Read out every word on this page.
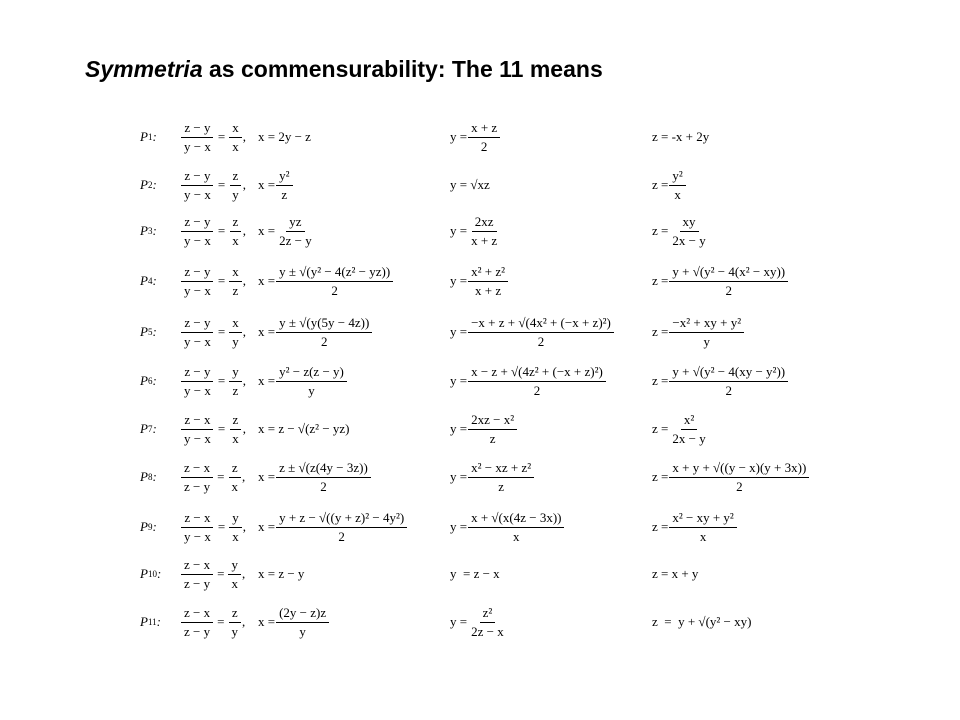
Symmetria as commensurability: The 11 means
P 1 : $\frac{z - y}{y - x} = \frac{x}{x}$ , x = 2y − z	$y = \frac{x + z}{2}$	z = -x + 2y
P 2 : $\frac{z - y}{y - x} = \frac{z}{y}$ , $x = \frac{\text{y²}}{z}$	y = √xz	$z = \frac{\text{y²}}{x}$
P 3 : $\frac{z - y}{y - x} = \frac{z}{x}$ , $x = \frac{yz}{2z - y}$	$y = \frac{2xz}{x + z}$	$z = \frac{xy}{2x - y}$
P 4 : $\frac{z - y}{y - x} = \frac{x}{z}$ , $x = \frac{\text{y ± √(y² − 4(z² − yz))}}{2}$	$y = \frac{\text{x² + z²}}{x + z}$	$z = \frac{\text{y + √(y² − 4(x² − xy))}}{2}$
P 5 : $\frac{z - y}{y - x} = \frac{x}{y}$ , $x = \frac{y \pm √(y(5y - 4z))}{2}$	$y = \frac{\text{−x + z + √(4x² + (−x + z)²)}}{2}$	$z = \frac{\text{−x² + xy + y²}}{y}$
P 6 : $\frac{z - y}{y - x} = \frac{y}{z}$ , $x = \frac{\text{y² − z(z − y)}}{y}$	$y = \frac{\text{x − z + √(4z² + (−x + z)²)}}{2}$	$z = \frac{\text{y + √(y² − 4(xy − y²))}}{2}$
P 7 : $\frac{z - x}{y - x} = \frac{z}{x}$ , x = z − √(z² − yz)	$y = \frac{\text{2xz − x²}}{z}$	$z = \frac{\text{x²}}{2x - y}$
P 8 : $\frac{z - x}{z - y} = \frac{z}{x}$ , $x = \frac{z \pm √(z(4y - 3z))}{2}$	$y = \frac{\text{x² − xz + z²}}{z}$	$z = \frac{x + y + √((y - x)(y + 3x))}{2}$
P 9 : $\frac{z - x}{y - x} = \frac{y}{x}$ , $x = \frac{\text{y + z − √((y + z)² − 4y²)}}{2}$	$y = \frac{x + √(x(4z - 3x))}{x}$	$z = \frac{\text{x² − xy + y²}}{x}$
P 10 : $\frac{z - x}{z - y} = \frac{y}{x}$ , x = z − y	y  = z − x	z = x + y
P 11 : $\frac{z - x}{z - y} = \frac{z}{y}$ , $x = \frac{(2y - z)z}{y}$	$y = \frac{\text{z²}}{2z - x}$	z  =  y + √(y² − xy)
